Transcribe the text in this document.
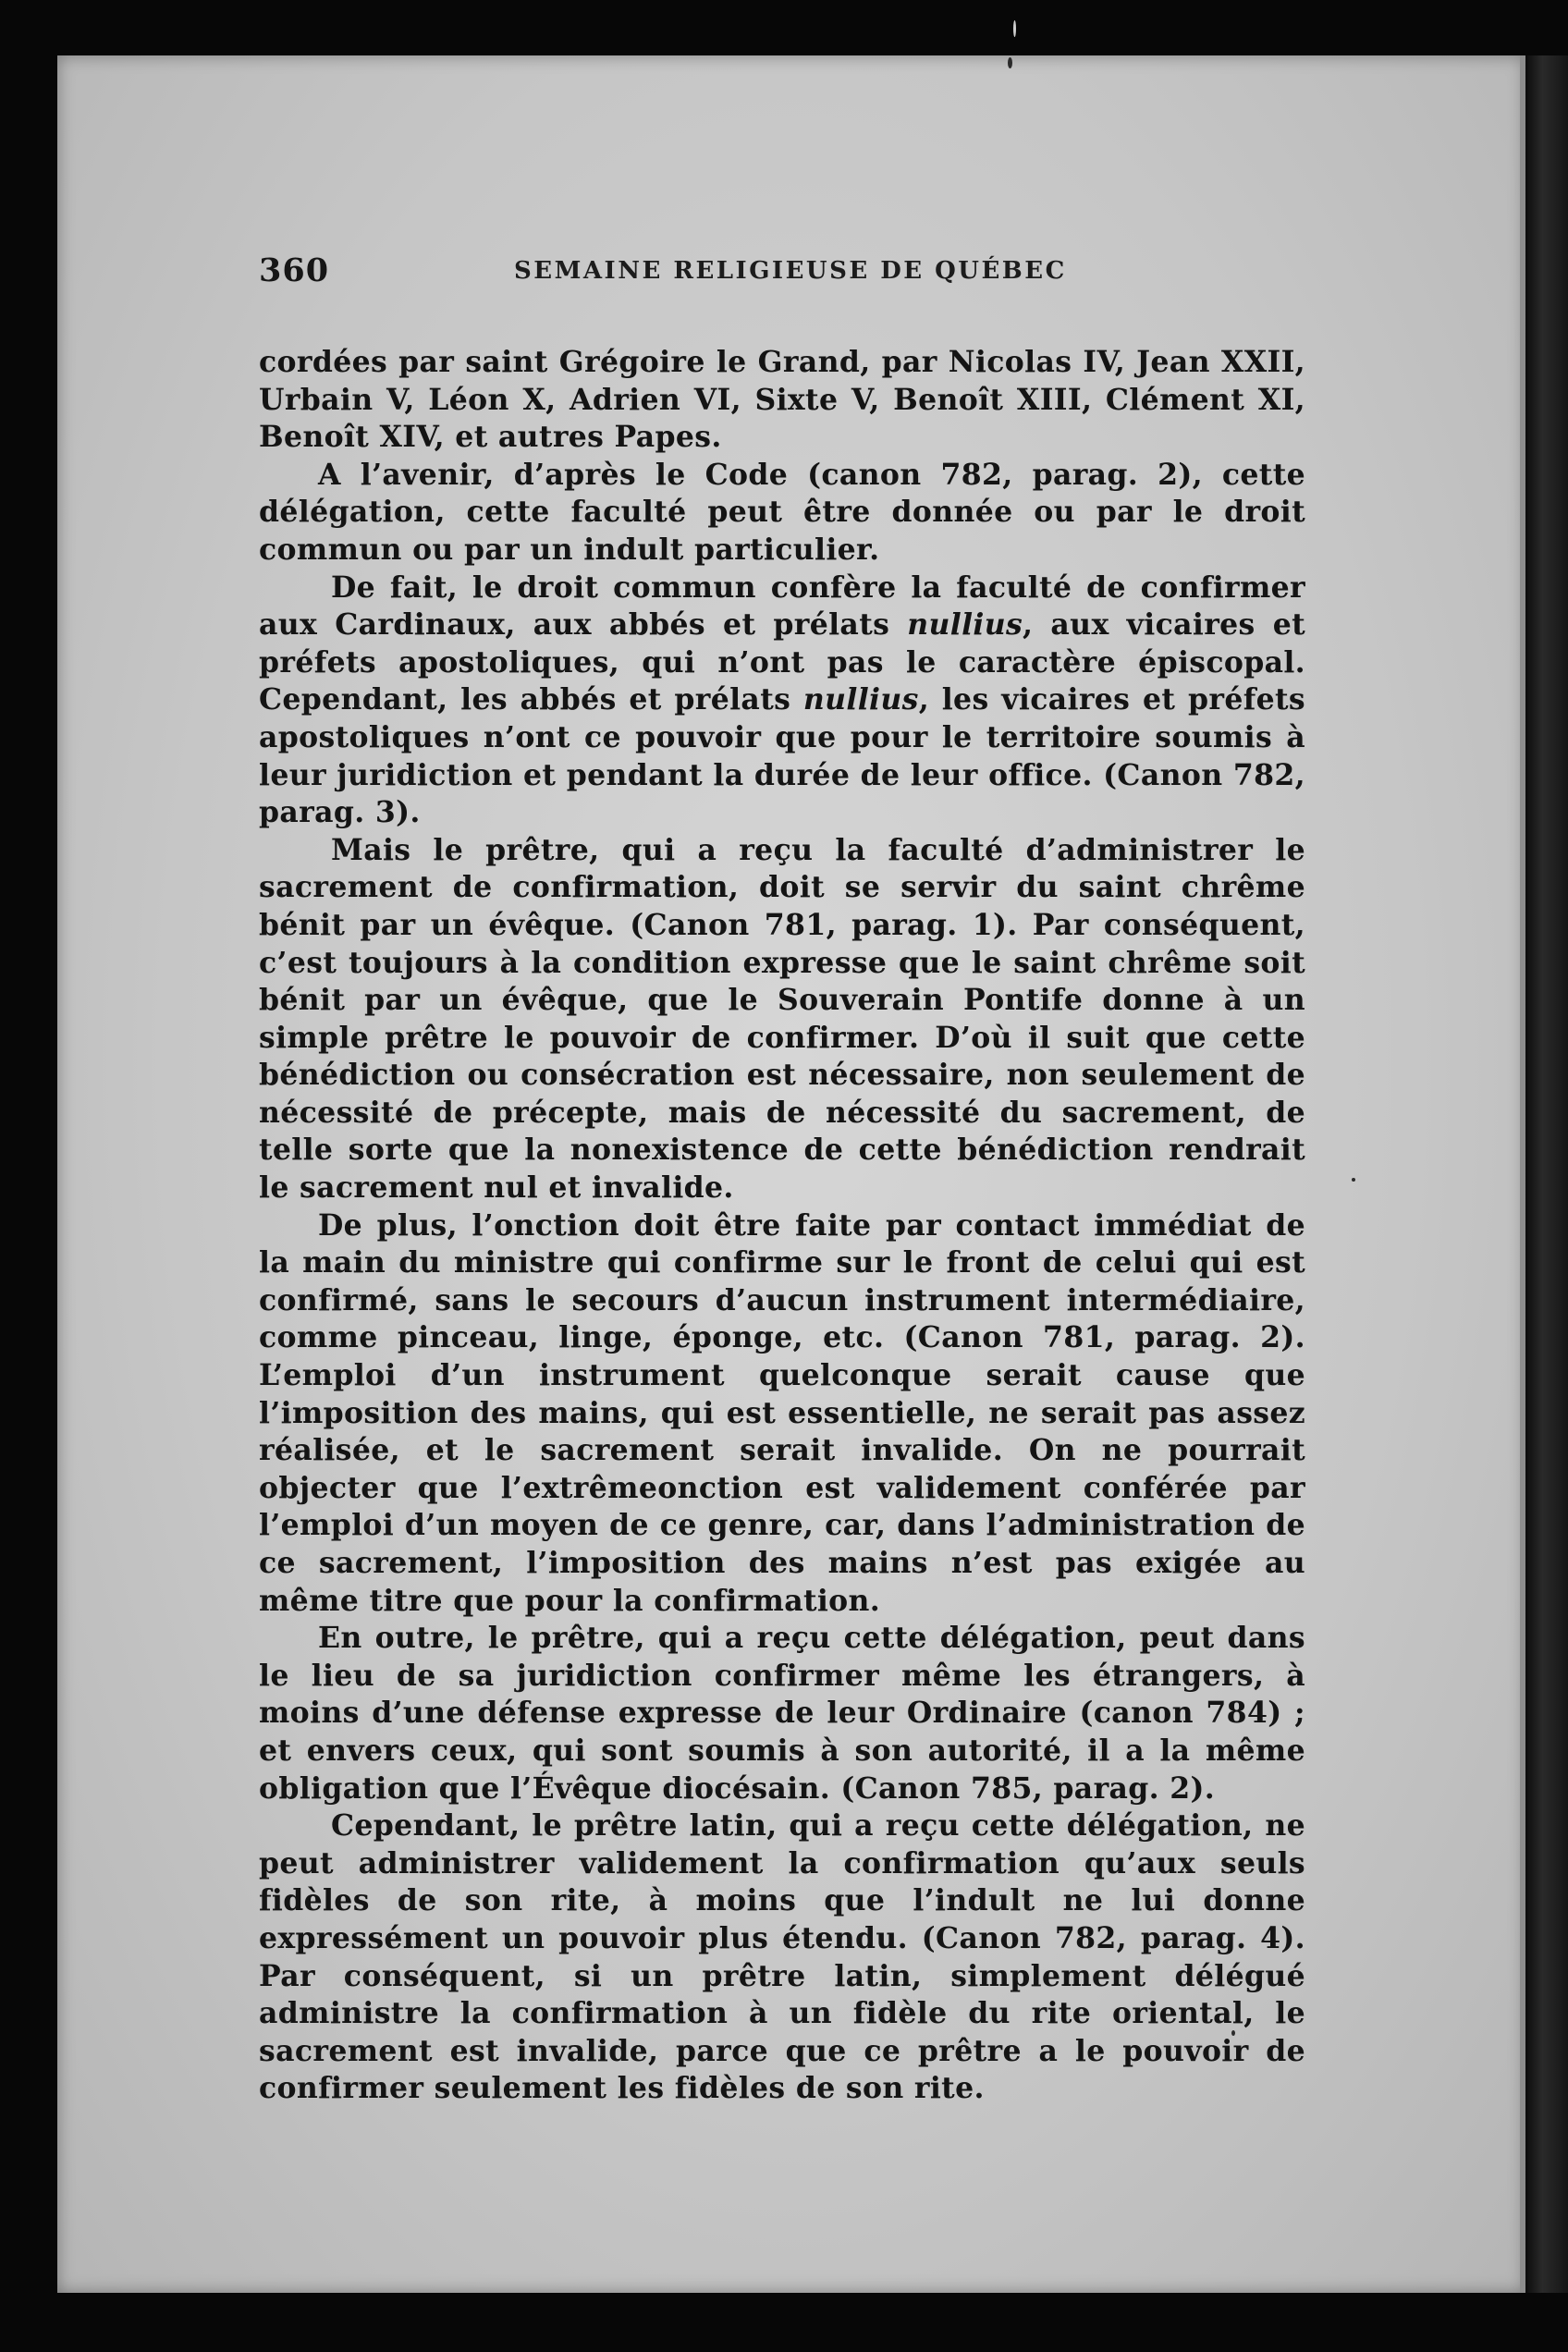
360	SEMAINE RELIGIEUSE DE QUÉBEC

cordées par saint Grégoire le Grand, par Nicolas IV, Jean XXII, Urbain V, Léon X, Adrien VI, Sixte V, Benoît XIII, Clément XI, Benoît XIV, et autres Papes.

A l’avenir, d’après le Code (canon 782, parag. 2), cette délégation, cette faculté peut être donnée ou par le droit commun ou par un indult particulier.

De fait, le droit commun confère la faculté de confirmer aux Cardinaux, aux abbés et prélats nullius, aux vicaires et préfets apostoliques, qui n’ont pas le caractère épiscopal. Cependant, les abbés et prélats nullius, les vicaires et préfets apostoliques n’ont ce pouvoir que pour le territoire soumis à leur juridiction et pendant la durée de leur office. (Canon 782, parag. 3).

Mais le prêtre, qui a reçu la faculté d’administrer le sacrement de confirmation, doit se servir du saint chrême bénit par un évêque. (Canon 781, parag. 1). Par conséquent, c’est toujours à la condition expresse que le saint chrême soit bénit par un évêque, que le Souverain Pontife donne à un simple prêtre le pouvoir de confirmer. D’où il suit que cette bénédiction ou consécration est nécessaire, non seulement de nécessité de précepte, mais de nécessité du sacrement, de telle sorte que la nonexistence de cette bénédiction rendrait le sacrement nul et invalide.

De plus, l’onction doit être faite par contact immédiat de la main du ministre qui confirme sur le front de celui qui est confirmé, sans le secours d’aucun instrument intermédiaire, comme pinceau, linge, éponge, etc. (Canon 781, parag. 2). L’emploi d’un instrument quelconque serait cause que l’imposition des mains, qui est essentielle, ne serait pas assez réalisée, et le sacrement serait invalide. On ne pourrait objecter que l’extrêmeonction est validement conférée par l’emploi d’un moyen de ce genre, car, dans l’administration de ce sacrement, l’imposition des mains n’est pas exigée au même titre que pour la confirmation.

En outre, le prêtre, qui a reçu cette délégation, peut dans le lieu de sa juridiction confirmer même les étrangers, à moins d’une défense expresse de leur Ordinaire (canon 784) ; et envers ceux, qui sont soumis à son autorité, il a la même obligation que l’Évêque diocésain. (Canon 785, parag. 2).

Cependant, le prêtre latin, qui a reçu cette délégation, ne peut administrer validement la confirmation qu’aux seuls fidèles de son rite, à moins que l’indult ne lui donne expressément un pouvoir plus étendu. (Canon 782, parag. 4). Par conséquent, si un prêtre latin, simplement délégué administre la confirmation à un fidèle du rite oriental, le sacrement est invalide, parce que ce prêtre a le pouvoir de confirmer seulement les fidèles de son rite.
